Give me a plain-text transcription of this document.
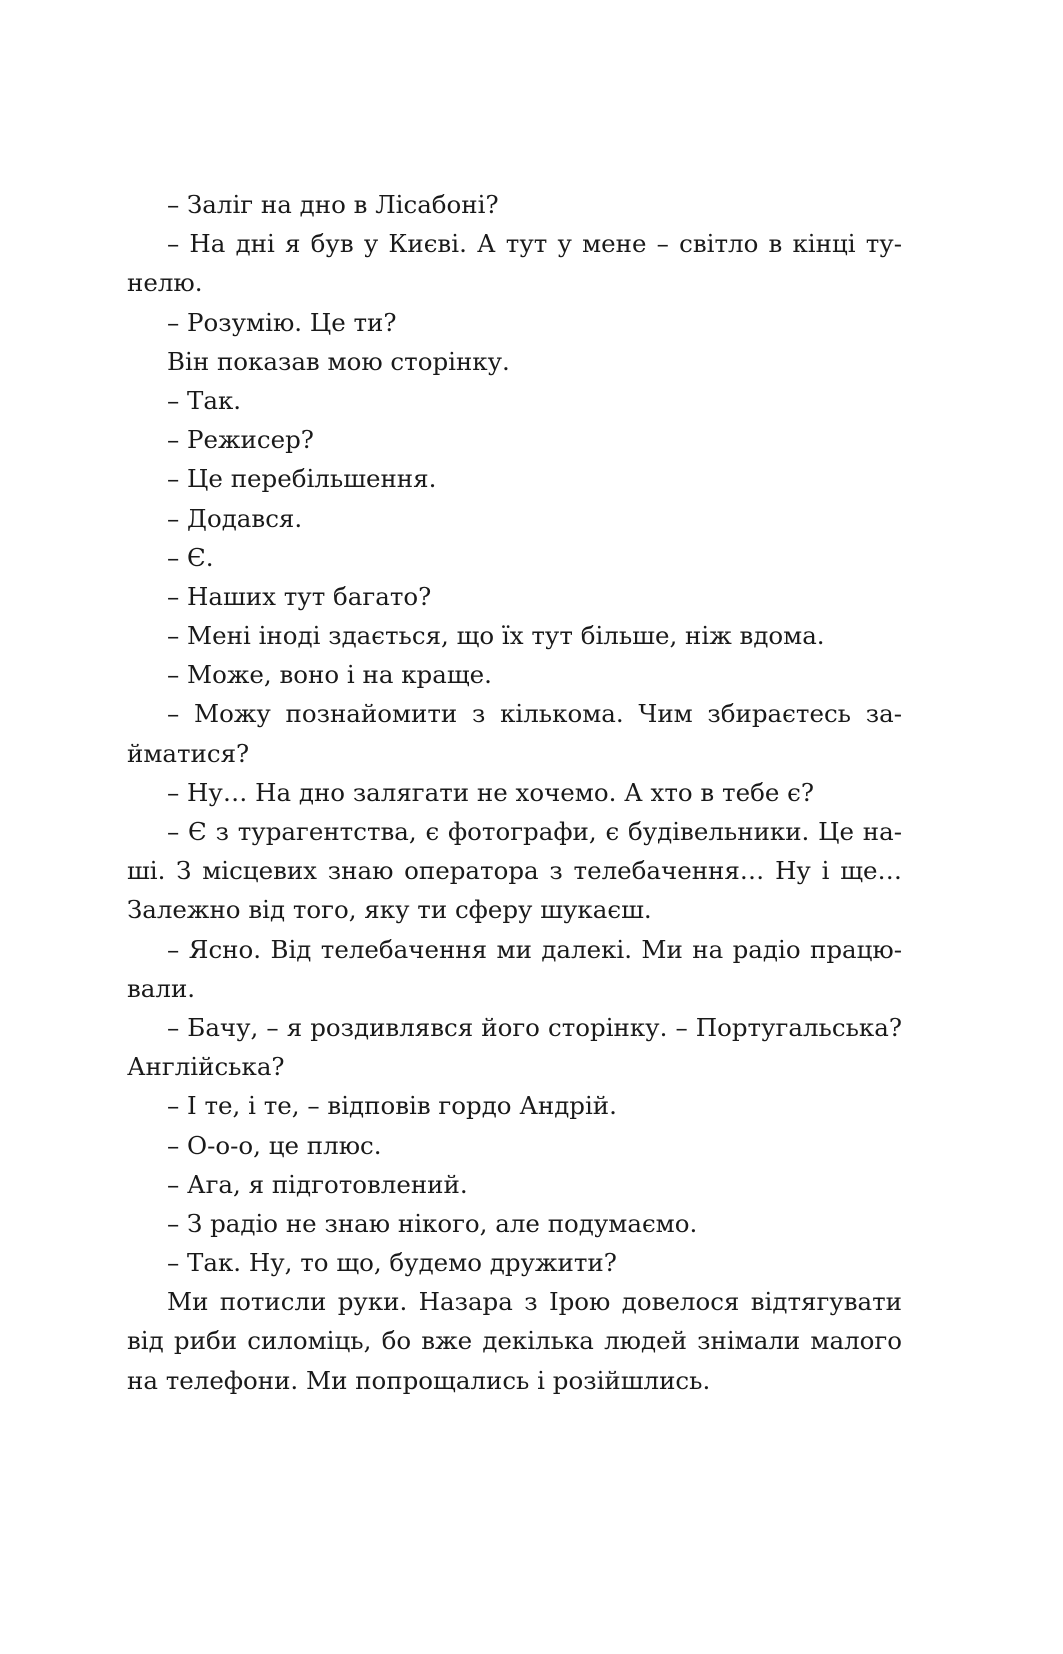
– Заліг на дно в Лісабоні?
– На дні я був у Києві. А тут у мене – світло в кінці ту-
нелю.
– Розумію. Це ти?
Він показав мою сторінку.
– Так.
– Режисер?
– Це перебільшення.
– Додався.
– Є.
– Наших тут багато?
– Мені іноді здається, що їх тут більше, ніж вдома.
– Може, воно і на краще.
– Можу познайомити з кількома. Чим збираєтесь за-
йматися?
– Ну… На дно залягати не хочемо. А хто в тебе є?
– Є з турагентства, є фотографи, є будівельники. Це на-
ші. З місцевих знаю оператора з телебачення… Ну і ще…
Залежно від того, яку ти сферу шукаєш.
– Ясно. Від телебачення ми далекі. Ми на радіо працю-
вали.
– Бачу, – я роздивлявся його сторінку. – Португальська?
Англійська?
– І те, і те, – відповів гордо Андрій.
– О-о-о, це плюс.
– Ага, я підготовлений.
– З радіо не знаю нікого, але подумаємо.
– Так. Ну, то що, будемо дружити?
Ми потисли руки. Назара з Ірою довелося відтягувати
від риби силоміць, бо вже декілька людей знімали малого
на телефони. Ми попрощались і розійшлись.
